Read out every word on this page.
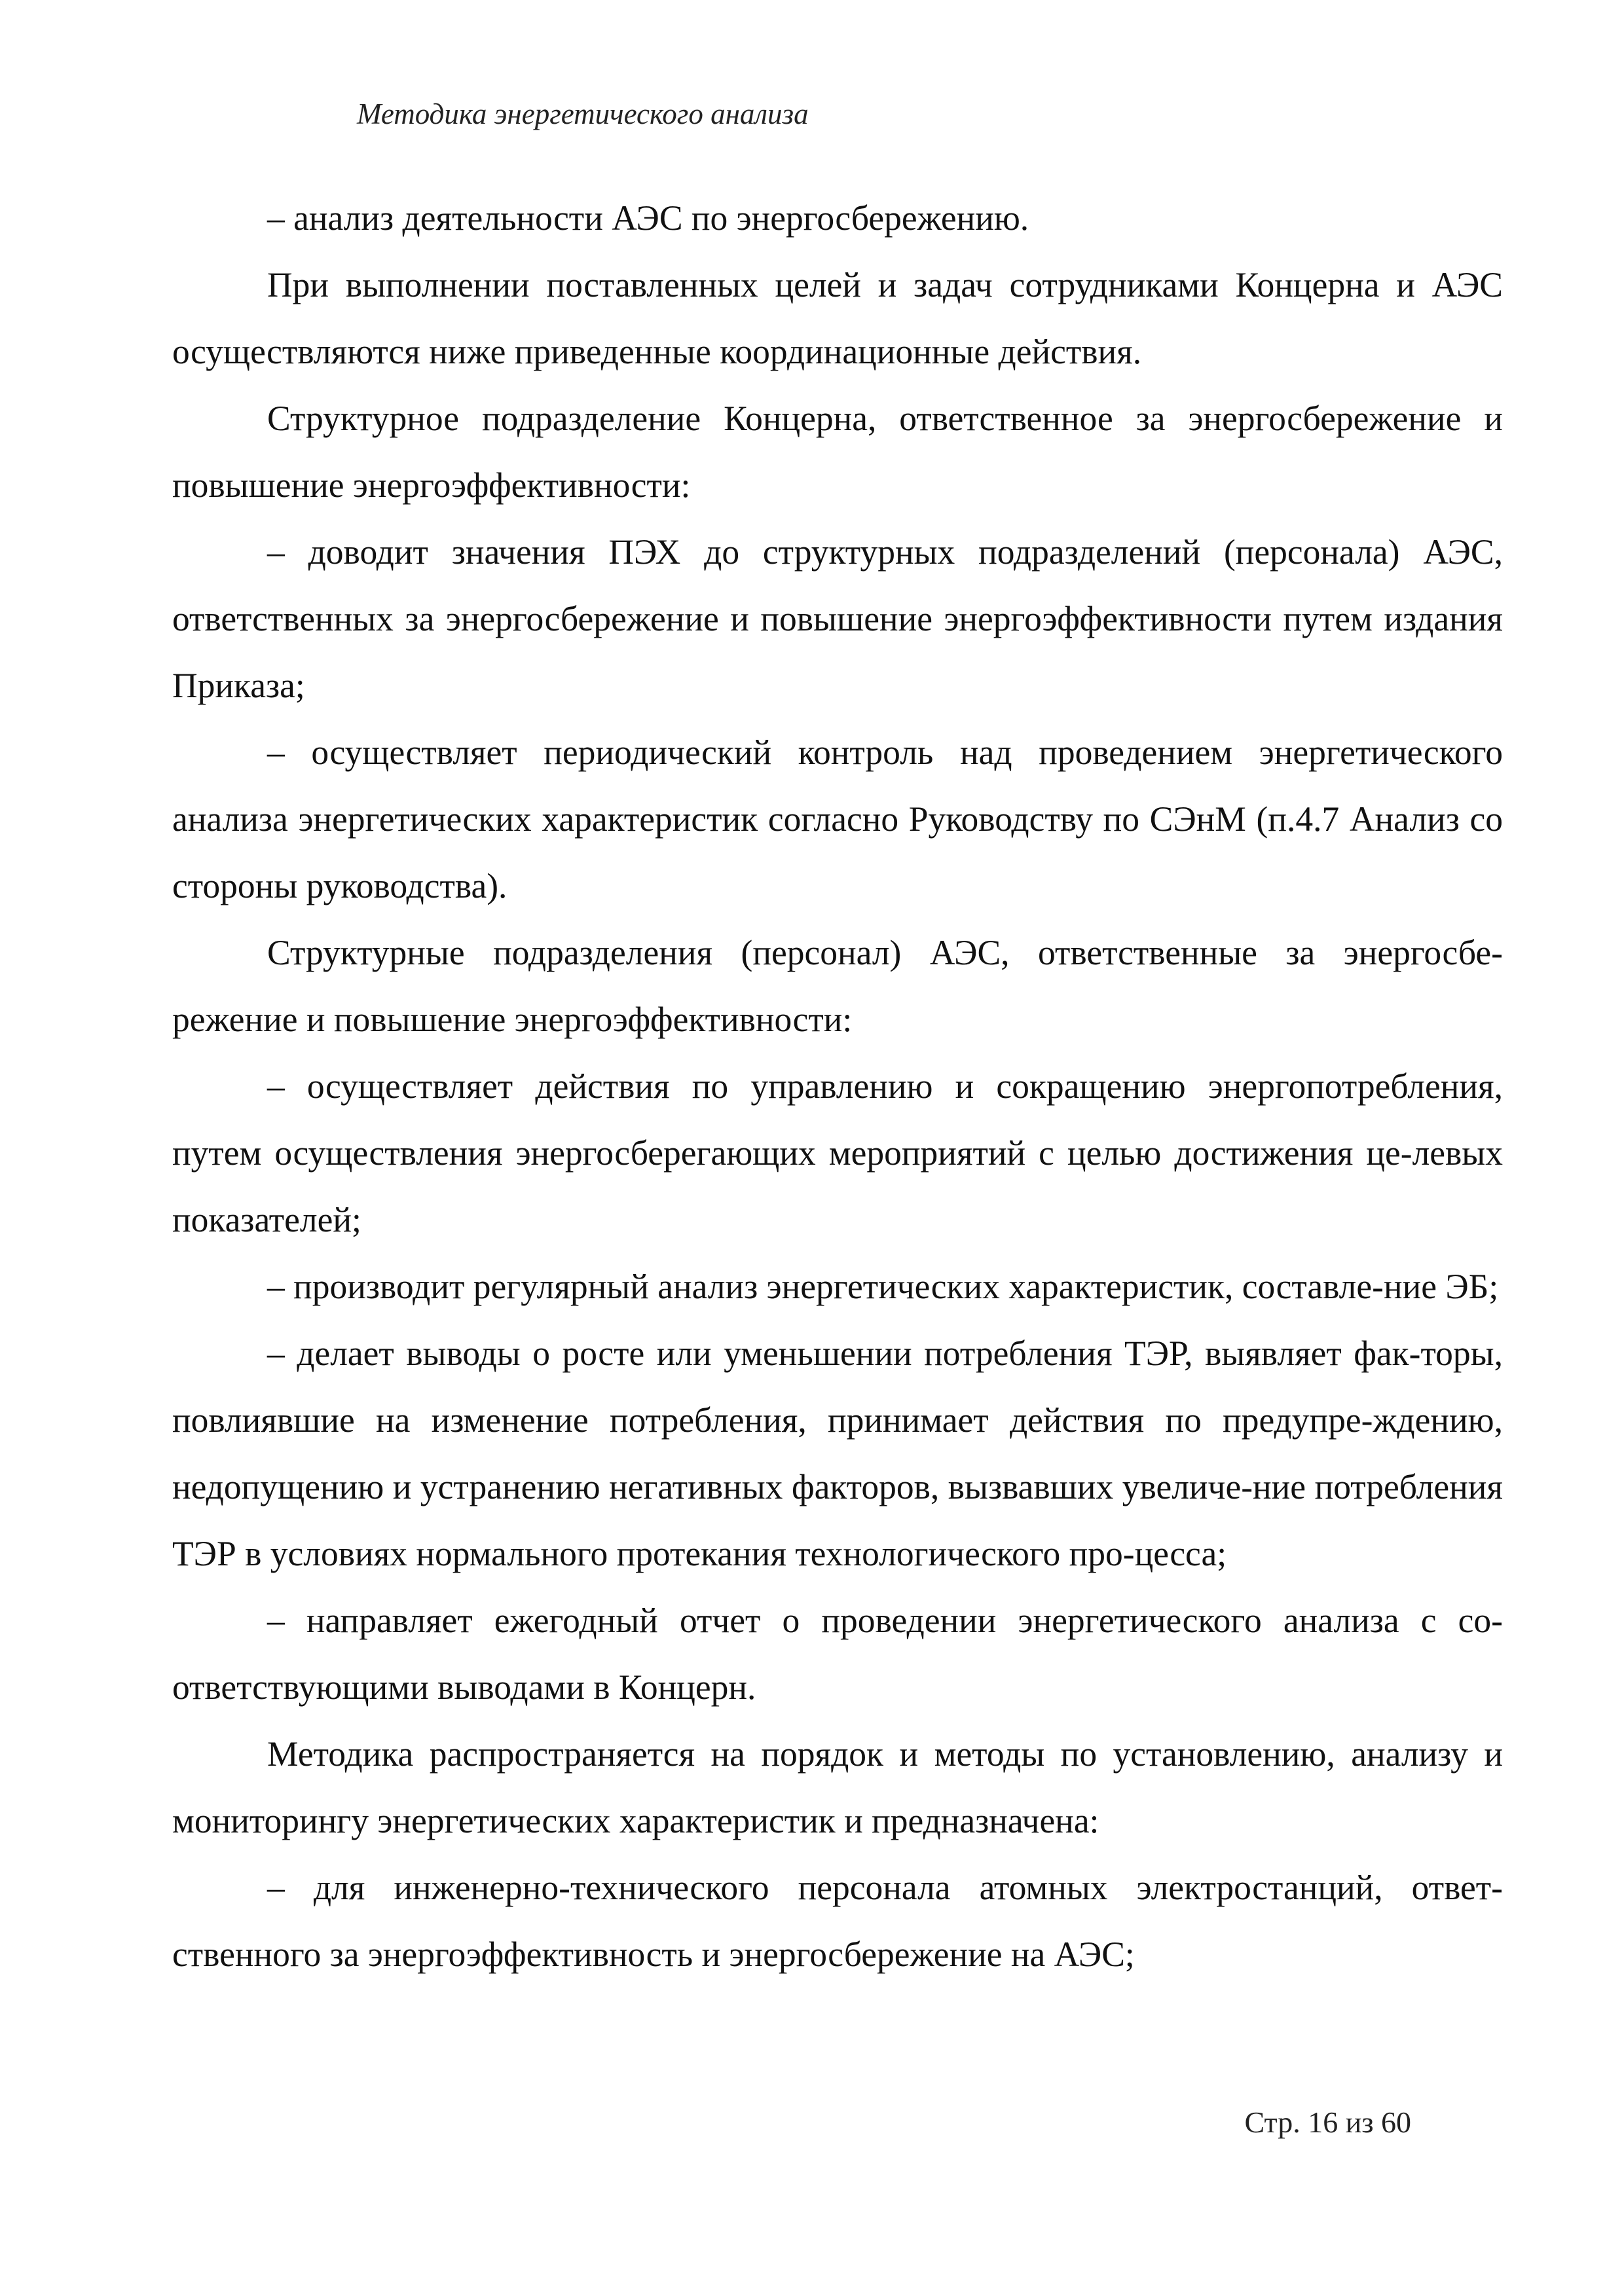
Методика энергетического анализа

– анализ деятельности АЭС по энергосбережению.

При выполнении поставленных целей и задач сотрудниками Концерна и АЭС осуществляются ниже приведенные координационные действия.

Структурное подразделение Концерна, ответственное за энергосбережение и повышение энергоэффективности:

– доводит значения ПЭХ до структурных подразделений (персонала) АЭС, ответственных за энергосбережение и повышение энергоэффективности путем издания Приказа;

– осуществляет периодический контроль над проведением энергетического анализа энергетических характеристик согласно Руководству по СЭнМ (п.4.7 Анализ со стороны руководства).

Структурные подразделения (персонал) АЭС, ответственные за энергосбе-режение и повышение энергоэффективности:

– осуществляет действия по управлению и сокращению энергопотребления, путем осуществления энергосберегающих мероприятий с целью достижения це-левых показателей;

– производит регулярный анализ энергетических характеристик, составле-ние ЭБ;

– делает выводы о росте или уменьшении потребления ТЭР, выявляет фак-торы, повлиявшие на изменение потребления, принимает действия по предупре-ждению, недопущению и устранению негативных факторов, вызвавших увеличе-ние потребления ТЭР в условиях нормального протекания технологического про-цесса;

– направляет ежегодный отчет о проведении энергетического анализа с со-ответствующими выводами в Концерн.

Методика распространяется на порядок и методы по установлению, анализу и мониторингу энергетических характеристик и предназначена:

– для инженерно-технического персонала атомных электростанций, ответ-ственного за энергоэффективность и энергосбережение на АЭС;

Стр. 16 из 60
